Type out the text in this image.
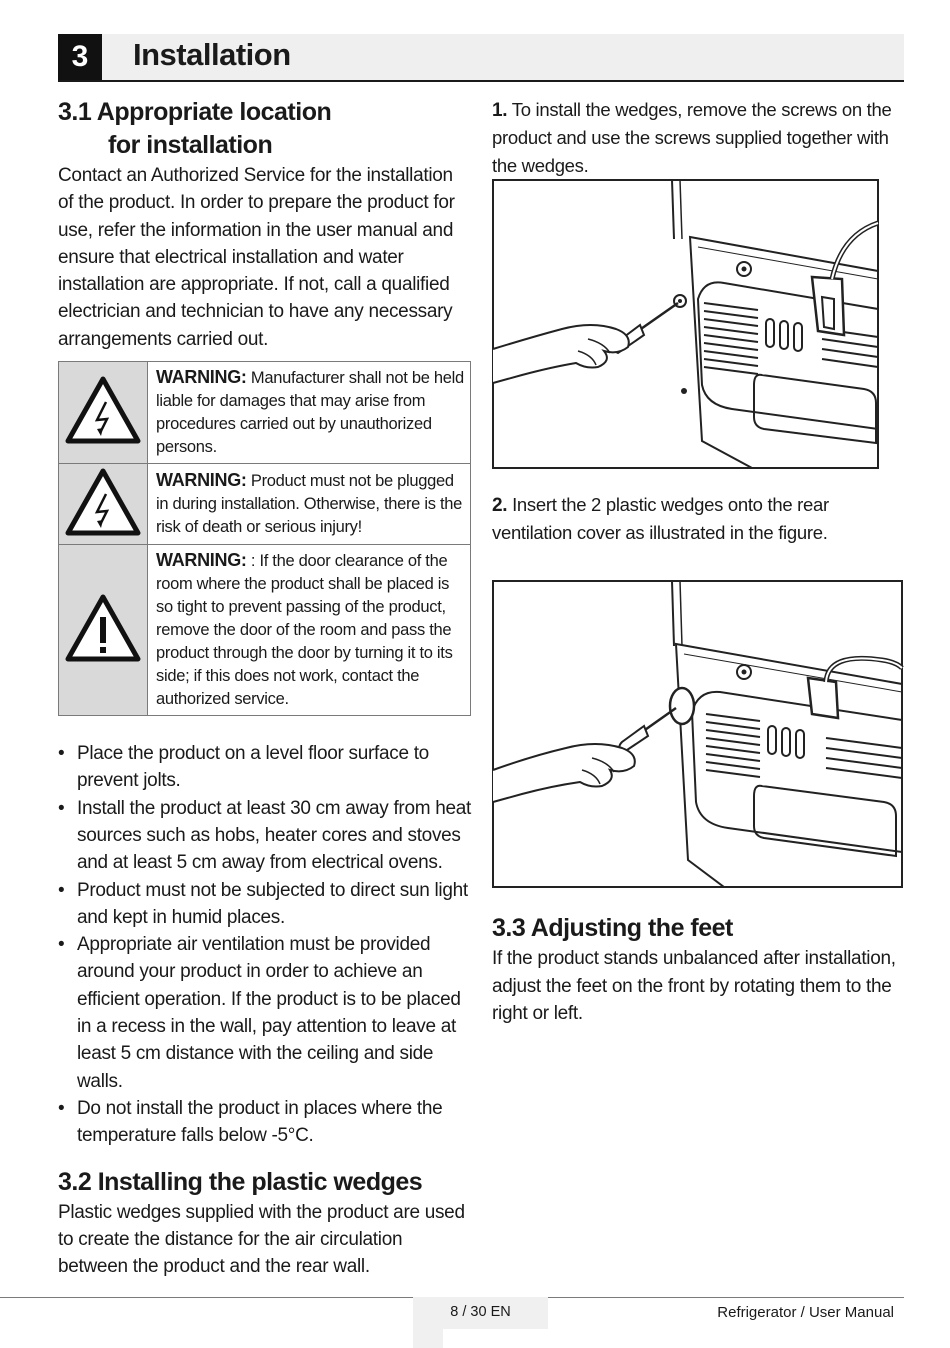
3	Installation
3.1 Appropriate location
for installation

Contact an Authorized Service for the installation of the product. In order to prepare the product for use, refer the information in the user manual and ensure that electrical installation and water installation are appropriate. If not, call a qualified electrician and technician to have any necessary arrangements carried out.

	WARNING: Manufacturer shall not be held liable for damages that may arise from procedures carried out by unauthorized persons.
	WARNING: Product must not be plugged in during installation. Otherwise, there is the risk of death or serious injury!
	WARNING: : If the door clearance of the room where the product shall be placed is so tight to prevent passing of the product, remove the door of the room and pass the product through the door by turning it to its side; if this does not work, contact the authorized service.
• Place the product on a level floor surface to prevent jolts.
• Install the product at least 30 cm away from heat sources such as hobs, heater cores and stoves and at least 5 cm away from electrical ovens.
• Product must not be subjected to direct sun light and kept in humid places.
• Appropriate air ventilation must be provided around your product in order to achieve an efficient operation. If the product is to be placed in a recess in the wall, pay attention to leave at least 5 cm distance with the ceiling and side walls.
• Do not install the product in places where the temperature falls below -5°C.
3.2 Installing the plastic wedges

Plastic wedges supplied with the product are used to create the distance for the air circulation between the product and the rear wall.

1. To install the wedges, remove the screws on the product and use the screws supplied together with the wedges.

2. Insert the 2 plastic wedges onto the rear ventilation cover as illustrated in the figure.

3.3 Adjusting the feet

If the product stands unbalanced after installation, adjust the feet on the front by rotating them to the right or left.

8 / 30 EN	Refrigerator / User Manual
